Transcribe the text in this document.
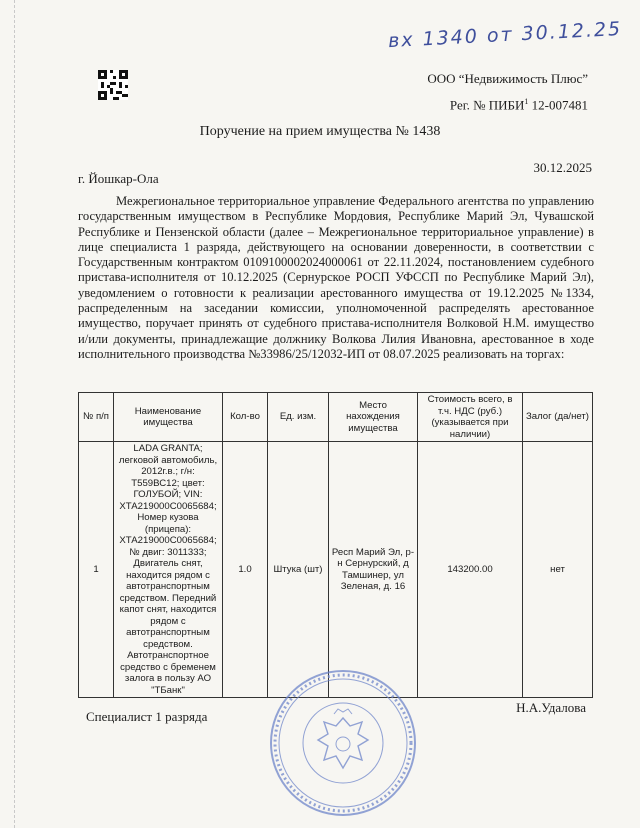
вх 1340 от 30.12.25
ООО “Недвижимость Плюс”
Рег. № ПИБИ$^1$ 12-007481
Поручение на прием имущества № 1438
г. Йошкар-Ола
30.12.2025
Межрегиональное территориальное управление Федерального агентства по управлению государственным имуществом в Республике Мордовия, Республике Марий Эл, Чувашской Республике и Пензенской области (далее – Межрегиональное территориальное управление) в лице специалиста 1 разряда, действующего на основании доверенности, в соответствии с Государственным контрактом 0109100002024000061 от 22.11.2024, постановлением судебного пристава-исполнителя от 10.12.2025 (Сернурское РОСП УФССП по Республике Марий Эл), уведомлением о готовности к реализации арестованного имущества от 19.12.2025 №1334, распределенным на заседании комиссии, уполномоченной распределять арестованное имущество, поручает принять от судебного пристава-исполнителя Волковой Н.М. имущество и/или документы, принадлежащие должнику Волкова Лилия Ивановна, арестованное в ходе исполнительного производства №33986/25/12032-ИП от 08.07.2025 реализовать на торгах:
№ п/п	Наименование имущества	Кол-во	Ед. изм.	Место нахождения имущества	Стоимость всего, в т.ч. НДС (руб.) (указывается при наличии)	Залог (да/нет)
1	LADA GRANTA; легковой автомобиль, 2012г.в.; г/н: Т559ВС12; цвет: ГОЛУБОЙ; VIN: ХТА219000С0065684; Номер кузова (прицепа): ХТА219000С0065684; № двиг: 3011333; Двигатель снят, находится рядом с автотранспортным средством. Передний капот снят, находится рядом с автотранспортным средством. Автотранспортное средство с бременем залога в пользу АО "ТБанк"	1.0	Штука (шт)	Респ Марий Эл, р-н Сернурский, д Тамшинер, ул Зеленая, д. 16	143200.00	нет
Специалист 1 разряда
Н.А.Удалова
